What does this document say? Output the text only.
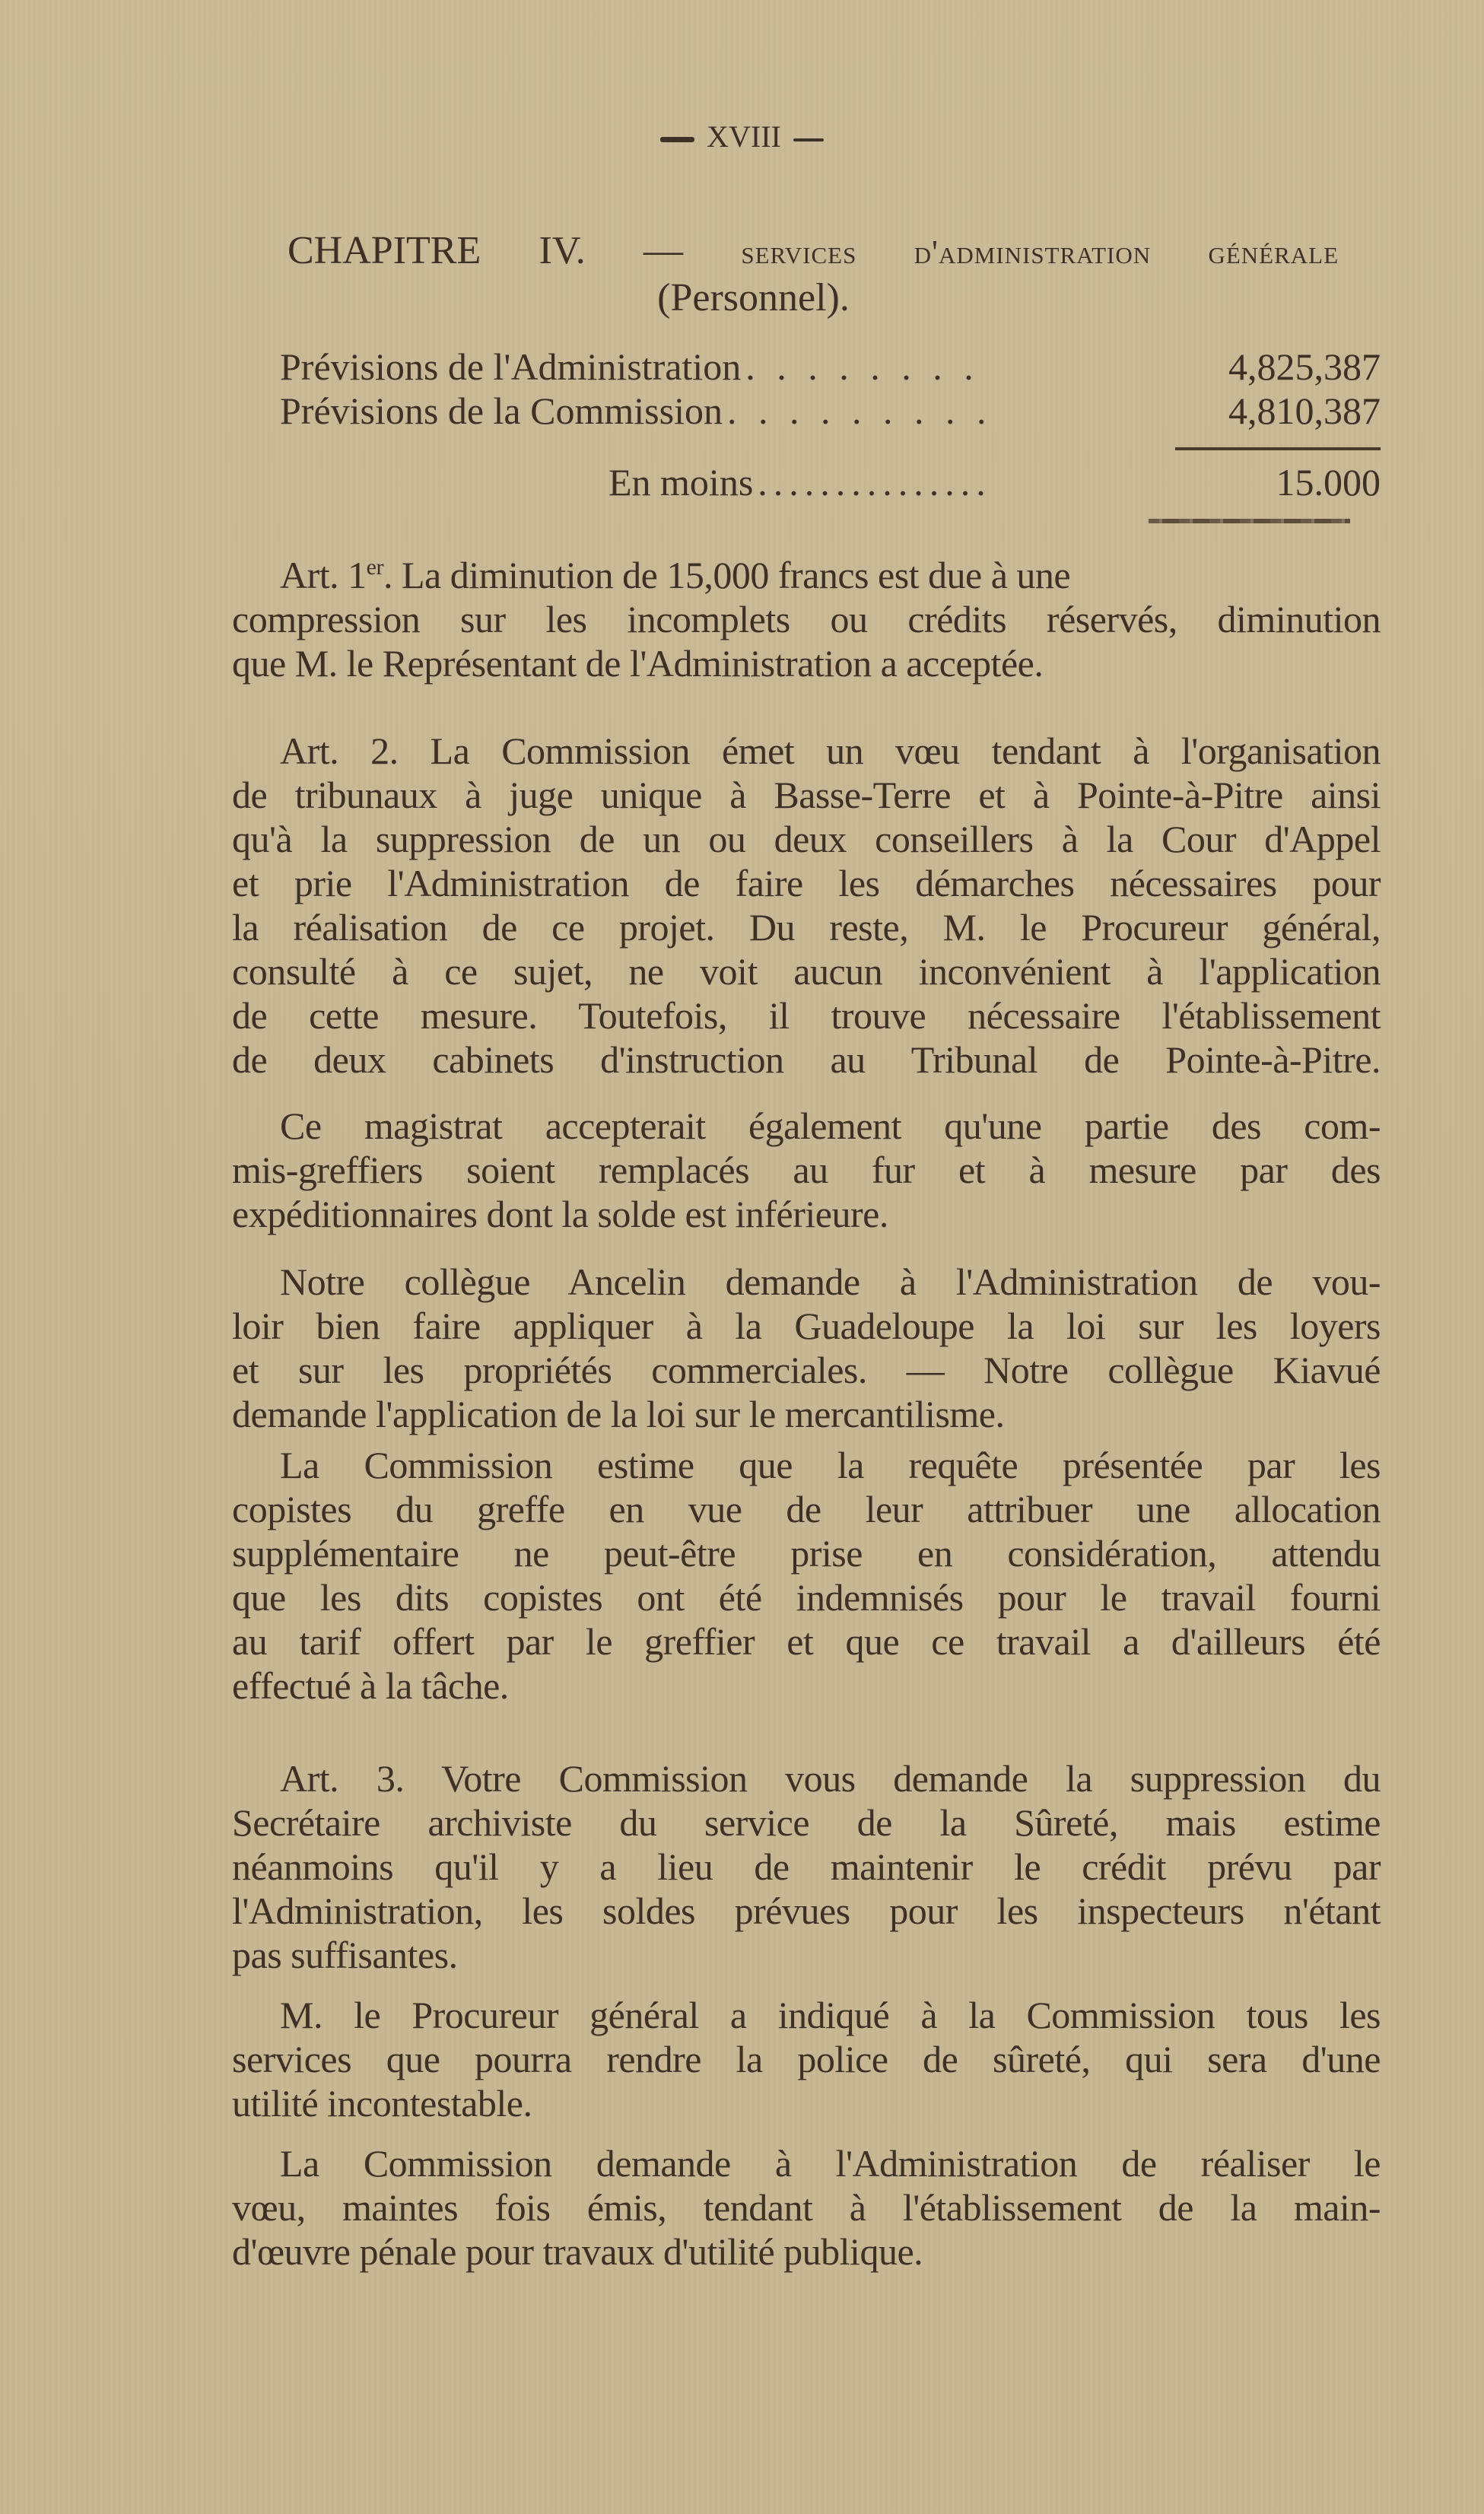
XVIII
CHAPITRE IV. — services d'administration générale
(Personnel).
Prévisions de l'Administration . . . . . . . .	4,825,387
Prévisions de la Commission . . . . . . . . .	4,810,387
En moins ...............	15.000
Art. 1er. La diminution de 15,000 francs est due à une
compression sur les incomplets ou crédits réservés, diminution
que M. le Représentant de l'Administration a acceptée.
Art. 2. La Commission émet un vœu tendant à l'organisation
de tribunaux à juge unique à Basse-Terre et à Pointe-à-Pitre ainsi
qu'à la suppression de un ou deux conseillers à la Cour d'Appel
et prie l'Administration de faire les démarches nécessaires pour
la réalisation de ce projet. Du reste, M. le Procureur général,
consulté à ce sujet, ne voit aucun inconvénient à l'application
de cette mesure. Toutefois, il trouve nécessaire l'établissement
de deux cabinets d'instruction au Tribunal de Pointe-à-Pitre.
Ce magistrat accepterait également qu'une partie des com-
mis-greffiers soient remplacés au fur et à mesure par des
expéditionnaires dont la solde est inférieure.
Notre collègue Ancelin demande à l'Administration de vou-
loir bien faire appliquer à la Guadeloupe la loi sur les loyers
et sur les propriétés commerciales. — Notre collègue Kiavué
demande l'application de la loi sur le mercantilisme.
La Commission estime que la requête présentée par les
copistes du greffe en vue de leur attribuer une allocation
supplémentaire ne peut-être prise en considération, attendu
que les dits copistes ont été indemnisés pour le travail fourni
au tarif offert par le greffier et que ce travail a d'ailleurs été
effectué à la tâche.
Art. 3. Votre Commission vous demande la suppression du
Secrétaire archiviste du service de la Sûreté, mais estime
néanmoins qu'il y a lieu de maintenir le crédit prévu par
l'Administration, les soldes prévues pour les inspecteurs n'étant
pas suffisantes.
M. le Procureur général a indiqué à la Commission tous les
services que pourra rendre la police de sûreté, qui sera d'une
utilité incontestable.
La Commission demande à l'Administration de réaliser le
vœu, maintes fois émis, tendant à l'établissement de la main-
d'œuvre pénale pour travaux d'utilité publique.
